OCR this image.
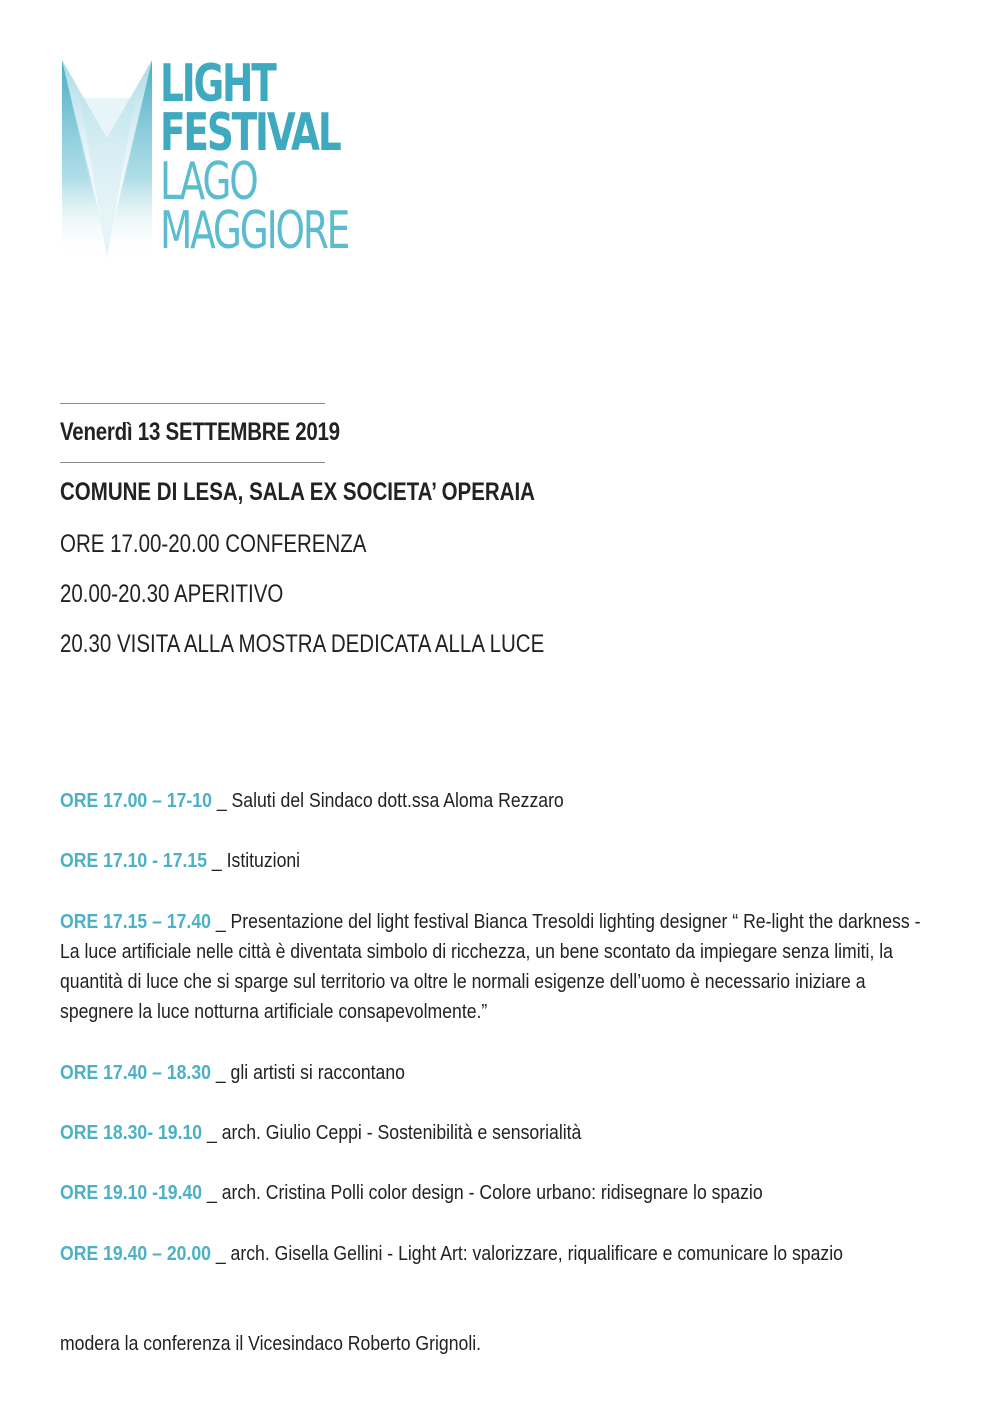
LIGHT
FESTIVAL
LAGO
MAGGIORE
Venerdì 13 SETTEMBRE 2019
COMUNE DI LESA, SALA EX SOCIETA’ OPERAIA
ORE 17.00-20.00 CONFERENZA
20.00-20.30 APERITIVO
20.30 VISITA ALLA MOSTRA DEDICATA ALLA LUCE
ORE 17.00 – 17-10 _ Saluti del Sindaco dott.ssa Aloma Rezzaro
ORE 17.10 - 17.15 _ Istituzioni
ORE 17.15 – 17.40 _ Presentazione del light festival Bianca Tresoldi lighting designer “ Re-light the darkness - La luce artificiale nelle città è diventata simbolo di ricchezza, un bene scontato da impiegare senza limiti, la quantità di luce che si sparge sul territorio va oltre le normali esigenze dell’uomo è necessario iniziare a spegnere la luce notturna artificiale consapevolmente.”
ORE 17.40 – 18.30 _ gli artisti si raccontano
ORE 18.30- 19.10 _ arch. Giulio Ceppi - Sostenibilità e sensorialità
ORE 19.10 -19.40 _ arch. Cristina Polli color design - Colore urbano: ridisegnare lo spazio
ORE 19.40 – 20.00 _ arch. Gisella Gellini - Light Art: valorizzare, riqualificare e comunicare lo spazio
modera la conferenza il Vicesindaco Roberto Grignoli.
